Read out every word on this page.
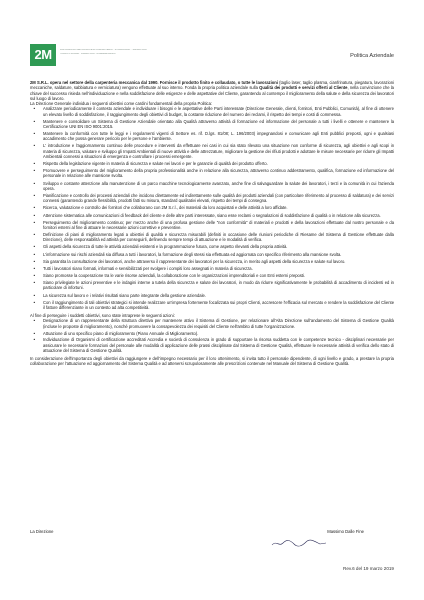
2M	LAVORAZIONI MECCANICHE E CARPENTERIA · STAMPAGGIO · SALDATURA
TAGLIO PLASMA · PIEGATURA · ASSEMBLAGGIO	Politica Aziendale

2M S.R.L. opera nel settore della carpenteria meccanica dal 1990. Fornisce il prodotto finito e collaudato, o tutte le lavorazioni (taglio laser, taglio plasma, cianfrinatura, piegatura, lavorazioni meccaniche, saldature, sabbiatura e verniciatura) vengono effettuate al suo interno. Fonda la propria politica aziendale sulla Qualità dei prodotti e servizi offerti al Cliente, nella convinzione che la chiave del successo risieda nell'individuazione e nella soddisfazione delle esigenze e delle aspettative del Cliente, garantendo al contempo il miglioramento della salute e della sicurezza dei lavoratori sul luogo di lavoro.

La Direzione Generale individua i seguenti obiettivi come cardini fondamentali della propria Politica:

• Analizzare periodicamente il contesto aziendale e individuare i bisogni e le aspettative delle Parti interessate (Direzione Generale, clienti, fornitori, Enti Pubblici, Comunità), al fine di ottenere un elevato livello di soddisfazione, il raggiungimento degli obiettivi di budget, la costante riduzione del numero dei reclami, il rispetto dei tempi e costi di commessa.
• Mantenere e consolidare un Sistema di Gestione Aziendale orientato alla Qualità attraverso attività di formazione ed informazione del personale a tutti i livelli e ottenere e mantenere la Certificazione UNI EN ISO 9001:2015.
• Mantenere la conformità con tutte le leggi e i regolamenti vigenti di Settore es. rif. D.lgs. 81/08; L. 196/2003) impegnandosi e comunicare agli Enti pubblici preposti, ogni e qualsiasi accadimento che possa generare pericolo per le persone e l'ambiente.
• L' introduzione e l'aggiornamento continuo delle procedure e interventi da effettuare nei casi in cui sia stato rilevato una situazione non conforme di sicurezza, agli obiettivi e agli scopi in materia di sicurezza, valutare e sviluppo gli Impatti Ambientali di nuove attività e delle attrezzature, migliorare la gestione dei rifiuti prodotti e adottare le misure necessarie per ridurre gli Impatti Ambientali connessi a situazioni di emergenza e controllare i processi emergente.
• Rispetto della legislazione vigente in materia di sicurezza e salute nei lavori e per le garanzie di qualità dei prodotto offerto.
• Promuovere e perseguimento del miglioramento della propria professionalità anche in relazione alla sicurezza, attraverso continuo addestramento, qualifica, formazione ed informazione del personale in relazione alle mansione svolta.
• Sviluppo e costante attenzione alla manutenzione di un parco macchine tecnologicamente avanzato, anche fine di salvaguardare la salute dei lavoratori, i terzi e la comunità in cui l'azienda opera.
• Pianificazione e controllo dei processi aziendali che incidono direttamente ed indirettamente sulle qualità dei prodotti aziendali (con particolare riferimento al processo di saldatura) e dei servizi connessi (garantendo grande flessibilità, prodotti fatti su misura, standard qualitativi elevati, rispetto dei tempi di consegna.
• Ricerca, valutazione e controllo dei fornitori che collaborano con 2M S.r.l., dei materiali da loro acquistati e delle attività a loro affidate.
• Attenzione sistematica alle comunicazioni di feedback del cliente e delle altre parti interessate, siano esse reclami o segnalazioni di soddisfazione di qualità o in relazione alla sicurezza.
• Perseguimento del miglioramento continuo; per mezzo anche di una profusa gestione delle "non conformità" di materiali e prodotti e della lavorazioni effettuate dal nostro personale e da fornitori esterni al fine di attuare le necessarie azioni correttive e preventive.
• Definizione di piani di miglioramento legati a obiettivi di qualità e sicurezza misurabili (definiti in occasione delle riunioni periodiche di Riesame del Sistema di Gestione effettuate dalla Direzione), delle responsabilità ed attività per conseguirli, definendo sempre tempi di attuazione e le modalità di verifica.
• Gli aspetti della sicurezza di tutte le attività aziendali esistenti e la programmazione futura, come aspetto rilevanti della propria attività.
• L'informazione sui rischi aziendali sia diffusa a tutti i lavoratori, la formazione degli stessi sia effettuata ed aggiornata con specifico riferimento alla mansione svolta.
• Sia garantita la consultazione dei lavoratori, anche attraverso il rappresentante dei lavoratori per la sicurezza, in merito agli aspetti della sicurezza e salute sul lavoro.
• Tutti i lavoratori siano formati, informati e sensibilizzati per svolgere i compiti loro assegnati in materia di sicurezza.
• Siano promosse la cooperazione tra le varie risorse aziendali, la collaborazione con le organizzazioni imprenditoriali e con Enti esterni preposti.
• Siano privilegiate le azioni preventive e le indagini interne a tutela della sicurezza e salute dei lavoratori, in modo da ridurre significativamente le probabilità di accadimento di incidenti ed in particolare di infortuni.
• La sicurezza sul lavoro e i relativi risultati siano parte integrante della gestione aziendale.
• Con il raggiungimento di tali obiettivi strategici si intende realizzare un'impresa fortemente focalizzata sui propri Clienti, accrescere l'efficacia sul mercato e rendere la soddisfazione del Cliente il fattore differenziante in un contesto ad alta competitività.

Al fine di perseguire i suddetti obiettivi, sono state intraprese le seguenti azioni:

• Designazione di un rappresentante della struttura direttiva per mantenere attivo il Sistema di Gestione, per relazionare all'Alta Direzione sull'andamento del Sistema di Gestione Qualità (incluse le proposte di miglioramento), nonché promuovere la consapevolezza dei requisiti del Cliente nell'ambito di tutte l'organizzazione.
• Attuazione di uno specifico piano di miglioramento (Piano Annuale di Miglioramento).
• Individuazione di Organismi di certificazione accreditati Accredia e società di consulenza in grado di supportare la risorsa suddetta con le competenze tecnico - disciplinari necessarie per assicurare le necessarie formazioni del personale alle modalità di applicazione delle prassi disciplinate dal Sistema di Gestione Qualità, effettuare le necessarie attività di verifica dello stato di attuazione del Sistema di Gestione Qualità.

In considerazione dell'importanza degli obiettivi da raggiungere e dell'impegno necessario per il loro ottenimento, si invita tutto il personale dipendente, di ogni livello e grado, a prestare la propria collaborazione per l'attuazione ed aggiornamento del Sistema Qualità e ad attenersi scrupolosamente alle prescrizioni contenute nel Manuale del Sistema di Gestione Qualità.

La Direzione	Massimo Dalle Fine
Rev.6 del 19 marzo 2019
